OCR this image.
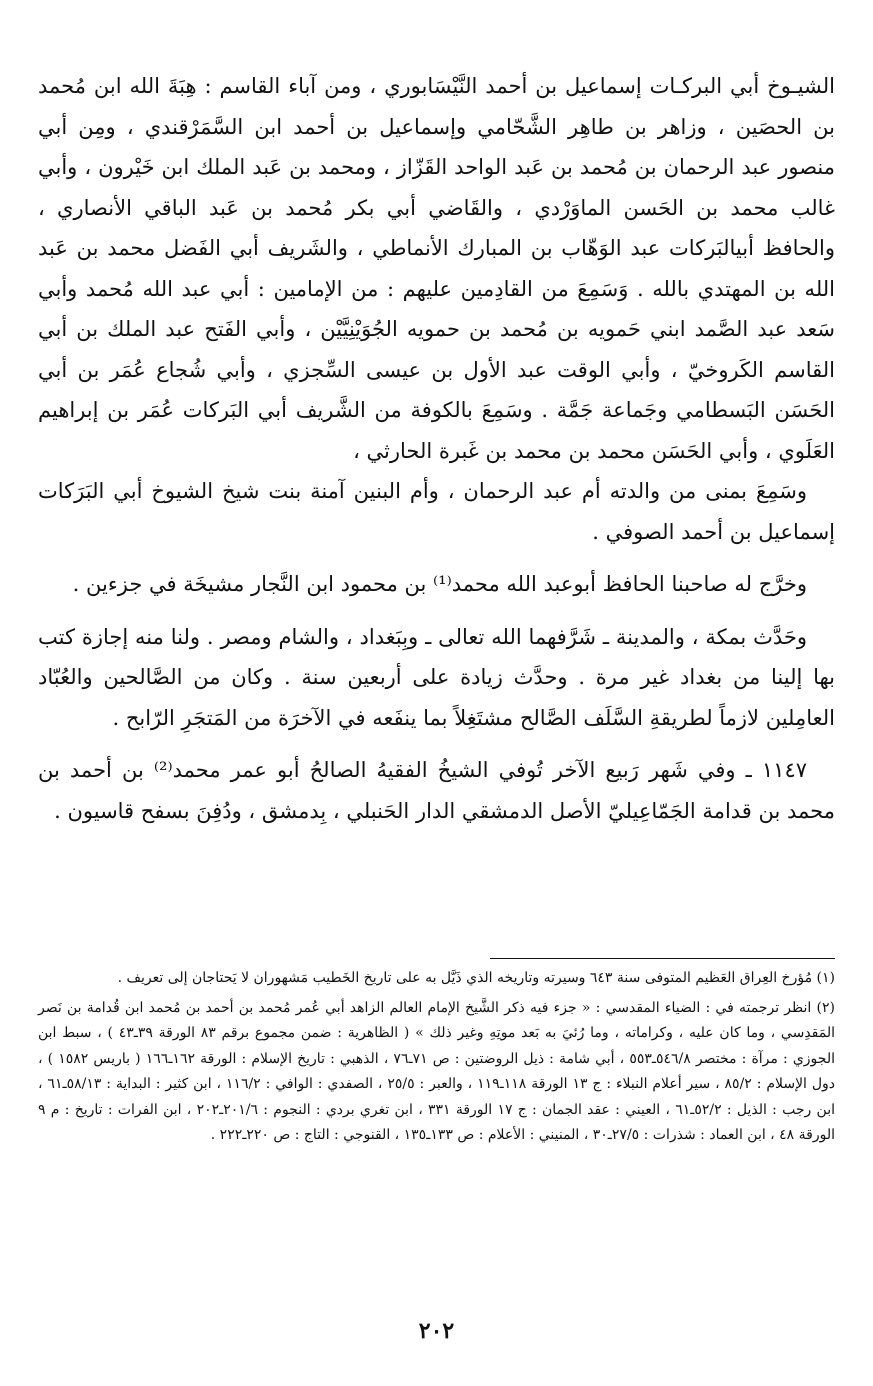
الشيـوخ أبي البركـات إسماعيل بن أحمد النَّيْسَابوري ، ومن آباء القاسم : هِبَةَ الله ابن مُحمد بن الحصَين ، وزاهر بن طاهِر الشَّحّامي وإسماعيل بن أحمد ابن السَّمَرْقندي ، ومِن أبي منصور عبد الرحمان بن مُحمد بن عَبد الواحد القَزّاز ، ومحمد بن عَبد الملك ابن خَيْرون ، وأبي غالب محمد بن الحَسن الماوَرْدي ، والقَاضي أبي بكر مُحمد بن عَبد الباقي الأنصاري ، والحافظ أبيالبَركات عبد الوَهّاب بن المبارك الأنماطي ، والشَريف أبي الفَضل محمد بن عَبد الله بن المهتدي بالله . وَسَمِعَ من القادِمين عليهم : من الإمامين : أبي عبد الله مُحمد وأبي سَعد عبد الصَّمد ابني حَمويه بن مُحمد بن حمويه الجُوَيْنِيَّيْن ، وأبي الفَتح عبد الملك بن أبي القاسم الكَروخيّ ، وأبي الوقت عبد الأول بن عيسى السِّجزي ، وأبي شُجاع عُمَر بن أبي الحَسَن البَسطامي وجَماعة جَمَّة . وسَمِعَ بالكوفة من الشَّريف أبي البَركات عُمَر بن إبراهيم العَلَوي ، وأبي الحَسَن محمد بن محمد بن غَبرة الحارثي ،

وسَمِعَ بمنى من والدته أم عبد الرحمان ، وأم البنين آمنة بنت شيخ الشيوخ أبي البَرَكات إسماعيل بن أحمد الصوفي .

وخرَّج له صاحبنا الحافظ أبوعبد الله محمد⁽¹⁾ بن محمود ابن النَّجار مشيخَة في جزءين .

وحَدَّث بمكة ، والمدينة ـ شَرَّفهما الله تعالى ـ وبِبَغداد ، والشام ومصر . ولنا منه إجازة كتب بها إلينا من بغداد غير مرة . وحدَّث زيادة على أربعين سنة . وكان من الصَّالحين والعُبّاد العامِلين لازماً لطريقةِ السَّلَف الصَّالح مشتَغِلاً بما ينفَعه في الآخرَة من المَتجَرِ الرّابح .

١١٤٧ ـ وفي شَهر رَبيع الآخر تُوفي الشيخُ الفقيهُ الصالحُ أبو عمر محمد⁽²⁾ بن أحمد بن محمد بن قدامة الجَمّاعِيليّ الأصل الدمشقي الدار الحَنبلي ، بِدمشق ، ودُفِنَ بسفح قاسيون .

(١) مُؤرخ العِراق العَظيم المتوفى سنة ٦٤٣ وسيرته وتاريخه الذي ذَيَّل به على تاريخ الخَطيب مَشهوران لا يَحتاجان إلى تعريف .

(٢) انظر ترجمته في : الضياء المقدسي : « جزء فيه ذكر الشَّيخ الإمام العالم الزاهد أبي عُمر مُحمد بن أحمد بن مُحمد ابن قُدامة بن نَصر المَقدِسي ، وما كان عليه ، وكراماته ، وما رُئيَ به بَعد موتِهِ وغير ذلك » ( الظاهرية : ضمن مجموع برقم ٨٣ الورقة ٣٩ـ٤٣ ) ، سبط ابن الجوزي : مرآة : مختصر ٥٤٦/٨ـ٥٥٣ ، أبي شامة : ذيل الروضتين : ص ٧١ـ٧٦ ، الذهبي : تاريخ الإسلام : الورقة ١٦٢ـ١٦٦ ( باريس ١٥٨٢ ) ، دول الإسلام : ٨٥/٢ ، سير أعلام النبلاء : ج ١٣ الورقة ١١٨ـ١١٩ ، والعبر : ٢٥/٥ ، الصفدي : الوافي : ١١٦/٢ ، ابن كثير : البداية : ٥٨/١٣ـ٦١ ، ابن رجب : الذيل : ٥٢/٢ـ٦١ ، العيني : عقد الجمان : ج ١٧ الورقة ٣٣١ ، ابن تغري بردي : النجوم : ٢٠١/٦ـ٢٠٢ ، ابن الفرات : تاريخ : م ٩ الورقة ٤٨ ، ابن العماد : شذرات : ٢٧/٥ـ٣٠ ، المنيني : الأعلام : ص ١٣٣ـ١٣٥ ، القنوجي : التاج : ص ٢٢٠ـ٢٢٢ .

٢٠٢
